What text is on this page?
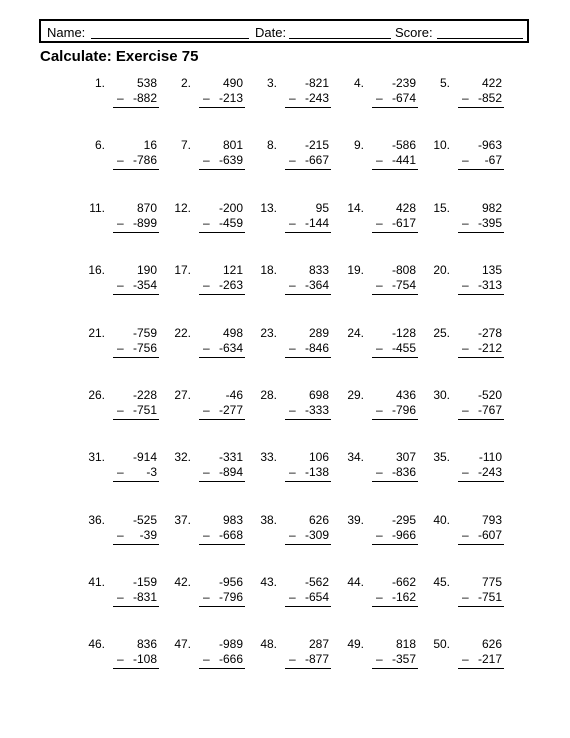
Name:	Date:	Score:
Calculate: Exercise 75
1.	538
– -882
2.	490
– -213
3. -821
– -243
4. -239
– -674
5.	422
– -852
6.	16
– -786
7.	801
– -639
8. -215
– -667
9. -586
– -441
10. -963
– -67
11.	870
– -899
12. -200
– -459
13.	95
– -144
14.	428
– -617
15.	982
– -395
16.	190
– -354
17.	121
– -263
18.	833
– -364
19. -808
– -754
20.	135
– -313
21. -759
– -756
22.	498
– -634
23.	289
– -846
24. -128
– -455
25. -278
– -212
26. -228
– -751
27.	-46
– -277
28.	698
– -333
29.	436
– -796
30. -520
– -767
31. -914
– -3
32. -331
– -894
33.	106
– -138
34.	307
– -836
35. -110
– -243
36. -525
– -39
37.	983
– -668
38.	626
– -309
39. -295
– -966
40.	793
– -607
41. -159
– -831
42. -956
– -796
43. -562
– -654
44. -662
– -162
45.	775
– -751
46.	836
– -108
47. -989
– -666
48.	287
– -877
49.	818
– -357
50.	626
– -217
